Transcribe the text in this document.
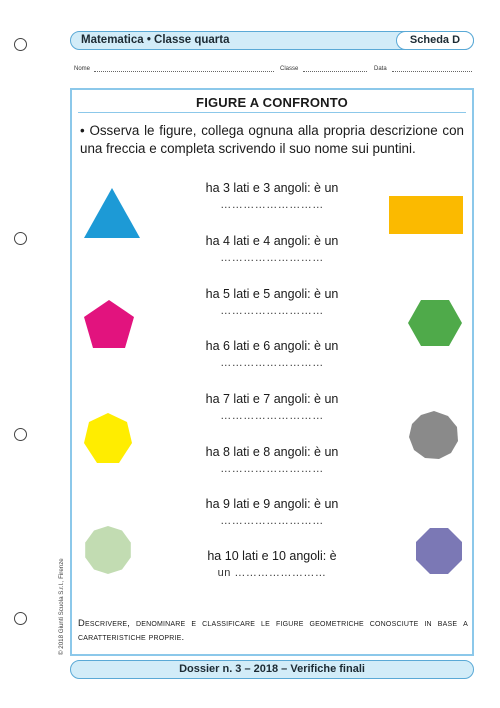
Matematica • Classe quarta	Scheda D
Nome	Classe	Data
FIGURE A CONFRONTO
• Osserva le figure, collega ognuna alla propria descrizione con una freccia e completa scrivendo il suo nome sui puntini.
ha 3 lati e 3 angoli: è un
………………………
ha 4 lati e 4 angoli: è un
………………………
ha 5 lati e 5 angoli: è un
………………………
ha 6 lati e 6 angoli: è un
………………………
ha 7 lati e 7 angoli: è un
………………………
ha 8 lati e 8 angoli: è un
………………………
ha 9 lati e 9 angoli: è un
………………………
ha 10 lati e 10 angoli: è
un ……………………
Descrivere, denominare e classificare le figure geometriche conosciute in base a caratteristiche proprie.
© 2018 Giunti Scuola S.r.l., Firenze
Dossier n. 3 – 2018 – Verifiche finali
